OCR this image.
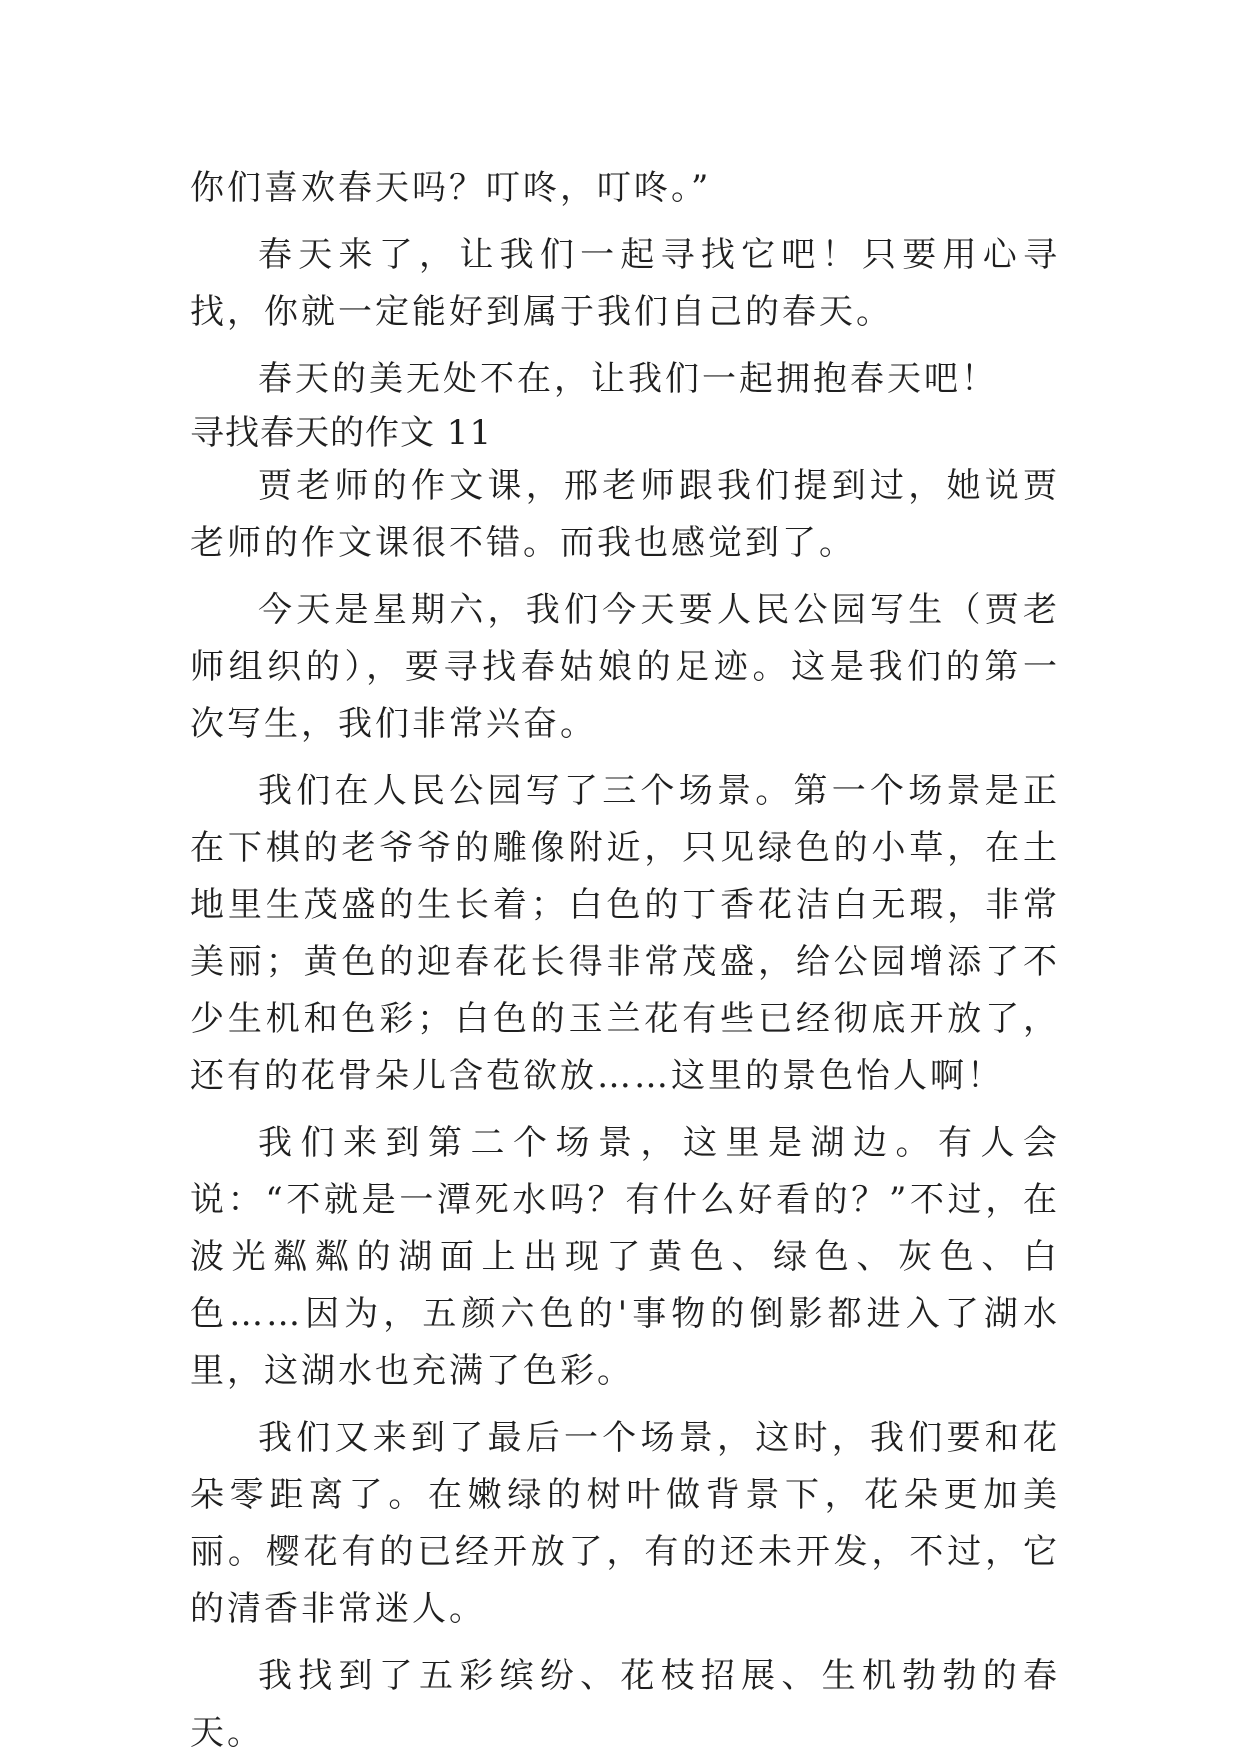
你们喜欢春天吗？叮咚，叮咚。”

春天来了，让我们一起寻找它吧！只要用心寻找，你就一定能好到属于我们自己的春天。

春天的美无处不在，让我们一起拥抱春天吧！

寻找春天的作文 11

贾老师的作文课，邢老师跟我们提到过，她说贾老师的作文课很不错。而我也感觉到了。

今天是星期六，我们今天要人民公园写生（贾老师组织的），要寻找春姑娘的足迹。这是我们的第一次写生，我们非常兴奋。

我们在人民公园写了三个场景。第一个场景是正在下棋的老爷爷的雕像附近，只见绿色的小草，在土地里生茂盛的生长着；白色的丁香花洁白无瑕，非常美丽；黄色的迎春花长得非常茂盛，给公园增添了不少生机和色彩；白色的玉兰花有些已经彻底开放了，还有的花骨朵儿含苞欲放……这里的景色怡人啊！

我们来到第二个场景，这里是湖边。有人会说：“不就是一潭死水吗？有什么好看的？”不过，在波光粼粼的湖面上出现了黄色、绿色、灰色、白色……因为，五颜六色的'事物的倒影都进入了湖水里，这湖水也充满了色彩。

我们又来到了最后一个场景，这时，我们要和花朵零距离了。在嫩绿的树叶做背景下，花朵更加美丽。樱花有的已经开放了，有的还未开发，不过，它的清香非常迷人。

我找到了五彩缤纷、花枝招展、生机勃勃的春天。
